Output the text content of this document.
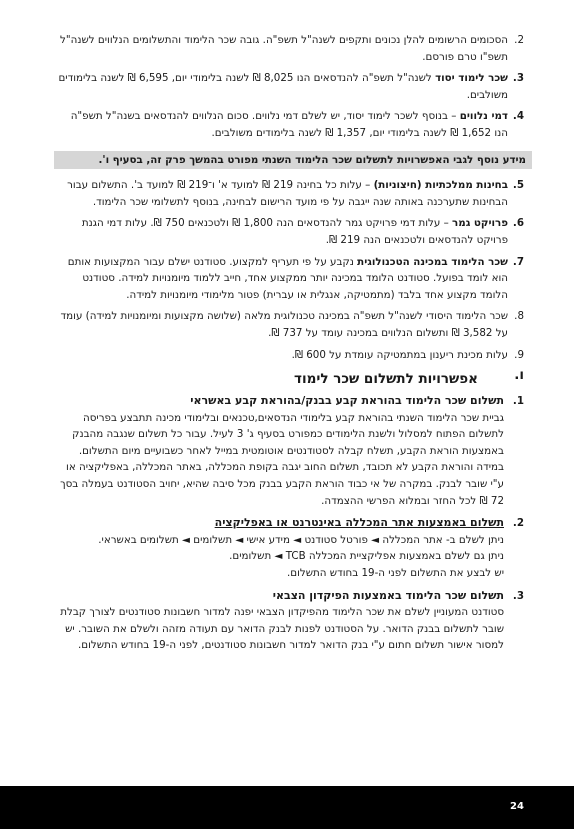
2.
הסכומים הרשומים להלן נכונים ותקפים לשנה"ל תשפ"ה. גובה שכר הלימוד והתשלומים הנלווים לשנה"ל תשפ"ו טרם פורסם.
3.
שכר לימוד יסוד לשנה"ל תשפ"ה להנדסאים הנו 8,025 ₪ לשנה בלימודי יום, 6,595 ₪ לשנה בלימודים משולבים.
4.
דמי נלווים – בנוסף לשכר לימוד יסוד, יש לשלם דמי נלווים. סכום הנלווים להנדסאים בשנה"ל תשפ"ה הנו 1,652 ₪ לשנה בלימודי יום, 1,357 ₪ לשנה בלימודים משולבים.
מידע נוסף לגבי האפשרויות לתשלום שכר הלימוד השנתי מפורט בהמשך פרק זה, בסעיף ו'.
5.
בחינות ממלכתיות (חיצוניות) – עלות כל בחינה 219 ₪ למועד א' ו־219 ₪ למועד ב'. התשלום עבור הבחינות שתערכנה באותה שנה ייגבה על פי מועד הרישום לבחינה, בנוסף לתשלומי שכר הלימוד.
6.
פרויקט גמר – עלות דמי פרויקט גמר להנדסאים הנה 1,800 ₪ ולטכנאים 750 ₪. עלות דמי הגנת פרויקט להנדסאים ולטכנאים הנה 219 ₪.
7.
שכר הלימוד במכינה הטכנולוגית נקבע על פי תעריף למקצוע. סטודנט ישלם עבור המקצועות אותם הוא לומד בפועל. סטודנט הלומד במכינה יותר ממקצוע אחד, חייב ללמוד מיומנויות למידה. סטודנט הלומד מקצוע אחד בלבד (מתמטיקה, אנגלית או עברית) פטור מלימודי מיומנויות למידה.
8.
שכר הלימוד היסודי לשנה"ל תשפ"ה במכינה טכנולוגית מלאה (שלושה מקצועות ומיומנויות למידה) עומד על 3,582 ₪ ותשלום הנלווים במכינה עומד על 737 ₪.
9.
עלות מכינת ריענון במתמטיקה עומדת על 600 ₪.
ו.
אפשרויות לתשלום שכר לימוד
1.
תשלום שכר הלימוד בהוראת קבע בבנק/בהוראת קבע באשראי

גביית שכר הלימוד השנתי בהוראת קבע בלימודי הנדסאים,טכנאים ובלימודי מכינה תתבצע בפריסה לתשלום הפתוח למסלול ולשנת הלימודים כמפורט בסעיף ג' 3 לעיל. עבור כל תשלום שנגבה מהבנק באמצעות הוראת הקבע, תשלח קבלה לסטודנטים אוטומטית במייל לאחר כשבועיים מיום התשלום. במידה והוראת הקבע לא תכובד, תשלום החוב יגבה בקופת המכללה, באתר המכללה, באפליקציה או ע"י שובר לבנק. במקרה של אי כבוד הוראת הקבע בבנק מכל סיבה שהיא, יחויב הסטודנט בעמלה בסך 72 ₪ לכל החזר ובמלוא הפרשי ההצמדה.

2.
תשלום באמצעות אתר המכללה באינטרנט או באפליקציה

ניתן לשלם ב- אתר המכללה ◄ פורטל סטודנט ◄ מידע אישי ◄ תשלומים ◄ תשלומים באשראי.

ניתן גם לשלם באמצעות אפליקציית המכללה TCB ◄ תשלומים.

יש לבצע את התשלום לפני ה-19 בחודש התשלום.

3.
תשלום שכר הלימוד באמצעות הפיקדון הצבאי

סטודנט המעוניין לשלם את שכר הלימוד מהפיקדון הצבאי יפנה למדור חשבונות סטודנטים לצורך קבלת שובר לתשלום בבנק הדואר. על הסטודנט לפנות לבנק הדואר עם תעודה מזהה ולשלם את השובר. יש למסור אישור תשלום חתום ע"י בנק הדואר למדור חשבונות סטודנטים, לפני ה-19 בחודש התשלום.

24
